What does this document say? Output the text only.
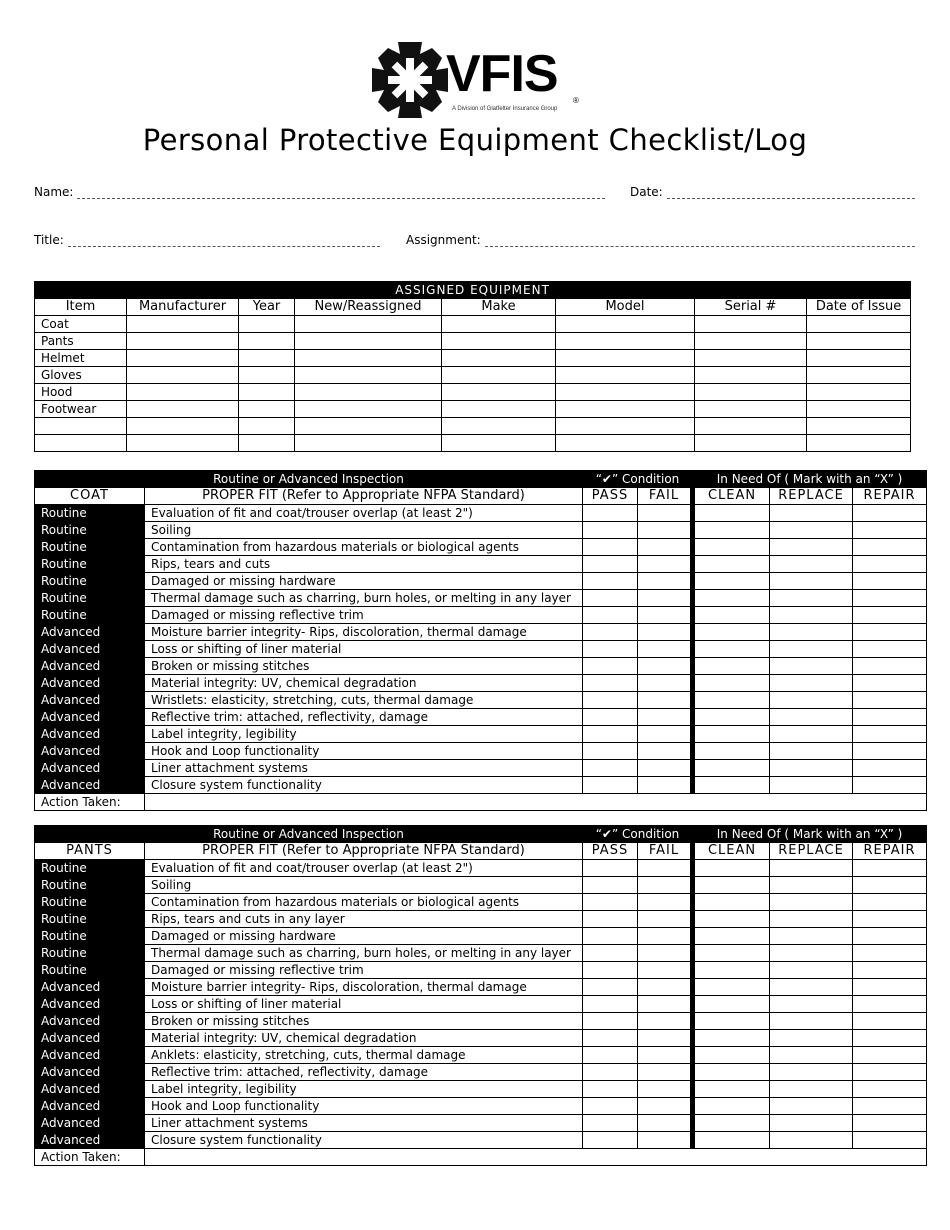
VFIS ®
A Division of Glatfelter Insurance Group
Personal Protective Equipment Checklist/Log
Name:	Date:
Title:	Assignment:
ASSIGNED EQUIPMENT							
Item	Manufacturer	Year	New/Reassigned	Make	Model	Serial #	Date of Issue
Coat							
Pants							
Helmet							
Gloves							
Hood							
Footwear							

Routine or Advanced Inspection		“✔” Condition		In Need Of ( Mark with an “X” )		
COAT	PROPER FIT (Refer to Appropriate NFPA Standard)	PASS	FAIL	CLEAN	REPLACE	REPAIR
Routine	Evaluation of fit and coat/trouser overlap (at least 2")					
Routine	Soiling					
Routine	Contamination from hazardous materials or biological agents					
Routine	Rips, tears and cuts					
Routine	Damaged or missing hardware					
Routine	Thermal damage such as charring, burn holes, or melting in any layer					
Routine	Damaged or missing reflective trim					
Advanced	Moisture barrier integrity- Rips, discoloration, thermal damage					
Advanced	Loss or shifting of liner material					
Advanced	Broken or missing stitches					
Advanced	Material integrity: UV, chemical degradation					
Advanced	Wristlets: elasticity, stretching, cuts, thermal damage					
Advanced	Reflective trim: attached, reflectivity, damage					
Advanced	Label integrity, legibility					
Advanced	Hook and Loop functionality					
Advanced	Liner attachment systems					
Advanced	Closure system functionality					
Action Taken:						
Routine or Advanced Inspection		“✔” Condition		In Need Of ( Mark with an “X” )		
PANTS	PROPER FIT (Refer to Appropriate NFPA Standard)	PASS	FAIL	CLEAN	REPLACE	REPAIR
Routine	Evaluation of fit and coat/trouser overlap (at least 2")					
Routine	Soiling					
Routine	Contamination from hazardous materials or biological agents					
Routine	Rips, tears and cuts in any layer					
Routine	Damaged or missing hardware					
Routine	Thermal damage such as charring, burn holes, or melting in any layer					
Routine	Damaged or missing reflective trim					
Advanced	Moisture barrier integrity- Rips, discoloration, thermal damage					
Advanced	Loss or shifting of liner material					
Advanced	Broken or missing stitches					
Advanced	Material integrity: UV, chemical degradation					
Advanced	Anklets: elasticity, stretching, cuts, thermal damage					
Advanced	Reflective trim: attached, reflectivity, damage					
Advanced	Label integrity, legibility					
Advanced	Hook and Loop functionality					
Advanced	Liner attachment systems					
Advanced	Closure system functionality					
Action Taken:						
